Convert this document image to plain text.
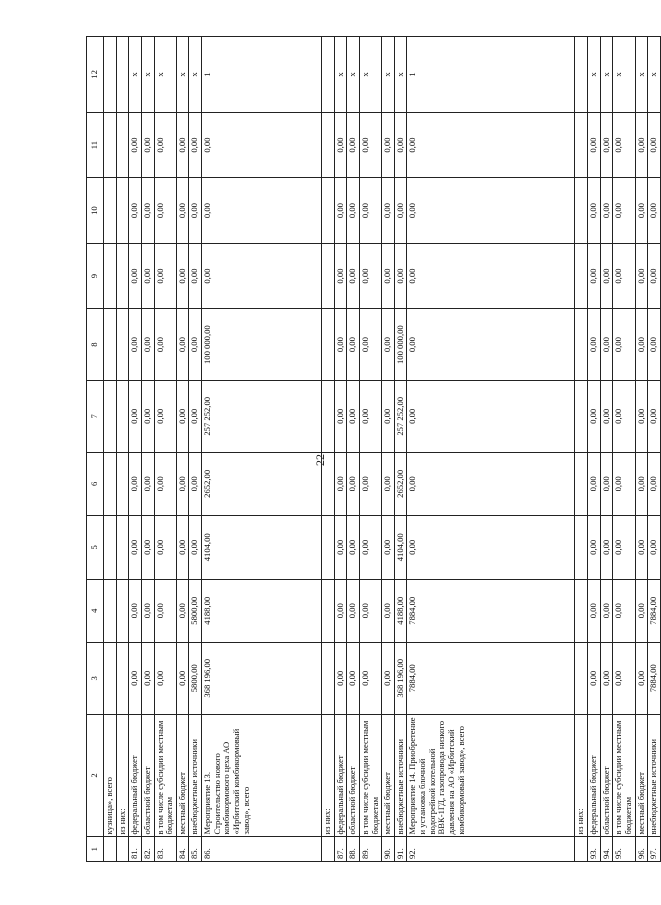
22
1	2	3	4	5	6	7	8	9	10	11	12
	кузница», всего										
	из них:										
81.	федеральный бюджет	0,00	0,00	0,00	0,00	0,00	0,00	0,00	0,00	0,00	x
82.	областной бюджет	0,00	0,00	0,00	0,00	0,00	0,00	0,00	0,00	0,00	x
83.	в том числе субсидии местным бюджетам	0,00	0,00	0,00	0,00	0,00	0,00	0,00	0,00	0,00	x
84.	местный бюджет	0,00	0,00	0,00	0,00	0,00	0,00	0,00	0,00	0,00	x
85.	внебюджетные источники	5800,00	5800,00	0,00	0,00	0,00	0,00	0,00	0,00	0,00	x
86.	Мероприятие 13. Строительство нового комбикормового цеха АО «Ирбитский комбикормовый завод», всего	368 196,00	4188,00	4104,00	2652,00	257 252,00	100 000,00	0,00	0,00	0,00	1
	из них:										
87.	федеральный бюджет	0,00	0,00	0,00	0,00	0,00	0,00	0,00	0,00	0,00	x
88.	областной бюджет	0,00	0,00	0,00	0,00	0,00	0,00	0,00	0,00	0,00	x
89.	в том числе субсидии местным бюджетам	0,00	0,00	0,00	0,00	0,00	0,00	0,00	0,00	0,00	x
90.	местный бюджет	0,00	0,00	0,00	0,00	0,00	0,00	0,00	0,00	0,00	x
91.	внебюджетные источники	368 196,00	4188,00	4104,00	2652,00	257 252,00	100 000,00	0,00	0,00	0,00	x
92.	Мероприятие 14. Приобретение и установка блочной водогрейной котельной ВВК-1ГД, газопровода низкого давления на АО «Ирбитский комбикормовый завод», всего	7884,00	7884,00	0,00	0,00	0,00	0,00	0,00	0,00	0,00	1
	из них:										
93.	федеральный бюджет	0,00	0,00	0,00	0,00	0,00	0,00	0,00	0,00	0,00	x
94.	областной бюджет	0,00	0,00	0,00	0,00	0,00	0,00	0,00	0,00	0,00	x
95.	в том числе субсидии местным бюджетам	0,00	0,00	0,00	0,00	0,00	0,00	0,00	0,00	0,00	x
96.	местный бюджет	0,00	0,00	0,00	0,00	0,00	0,00	0,00	0,00	0,00	x
97.	внебюджетные источники	7884,00	7884,00	0,00	0,00	0,00	0,00	0,00	0,00	0,00	x
